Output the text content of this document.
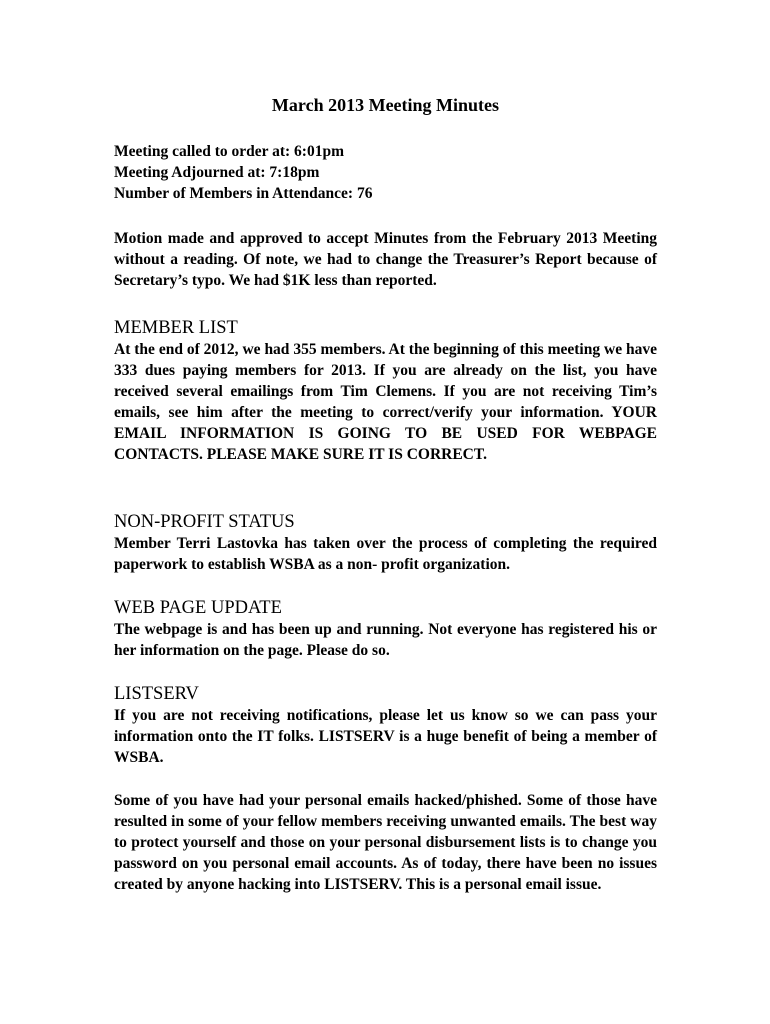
March 2013 Meeting Minutes
Meeting called to order at: 6:01pm
Meeting Adjourned at: 7:18pm
Number of Members in Attendance: 76

Motion made and approved to accept Minutes from the February 2013 Meeting without a reading. Of note, we had to change the Treasurer’s Report because of Secretary’s typo. We had $1K less than reported.

MEMBER LIST

At the end of 2012, we had 355 members. At the beginning of this meeting we have 333 dues paying members for 2013. If you are already on the list, you have received several emailings from Tim Clemens. If you are not receiving Tim’s emails, see him after the meeting to correct/verify your information. YOUR EMAIL INFORMATION IS GOING TO BE USED FOR WEBPAGE CONTACTS. PLEASE MAKE SURE IT IS CORRECT.

NON-PROFIT STATUS

Member Terri Lastovka has taken over the process of completing the required paperwork to establish WSBA as a non- profit organization.

WEB PAGE UPDATE

The webpage is and has been up and running. Not everyone has registered his or her information on the page. Please do so.

LISTSERV

If you are not receiving notifications, please let us know so we can pass your information onto the IT folks. LISTSERV is a huge benefit of being a member of WSBA.

Some of you have had your personal emails hacked/phished. Some of those have resulted in some of your fellow members receiving unwanted emails. The best way to protect yourself and those on your personal disbursement lists is to change you password on you personal email accounts. As of today, there have been no issues created by anyone hacking into LISTSERV. This is a personal email issue.
